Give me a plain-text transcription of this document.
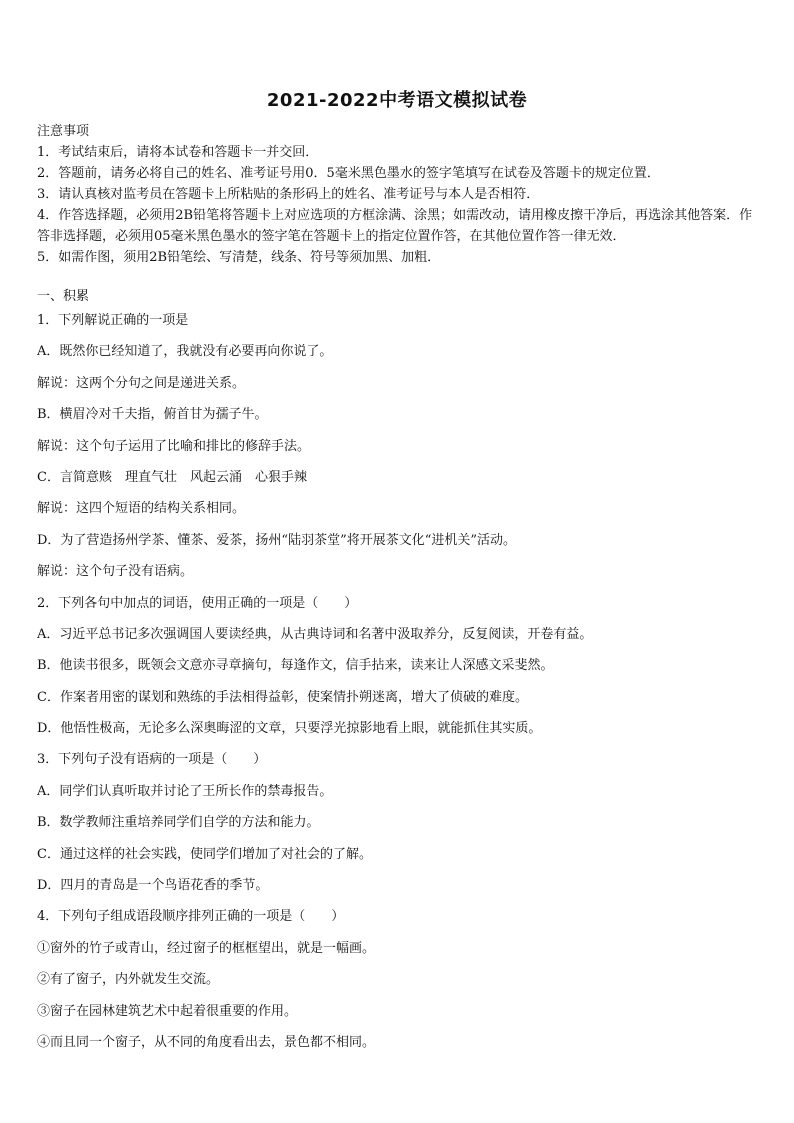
2021-2022中考语文模拟试卷
注意事项
1．考试结束后，请将本试卷和答题卡一并交回．
2．答题前，请务必将自己的姓名、准考证号用0．5毫米黑色墨水的签字笔填写在试卷及答题卡的规定位置．
3．请认真核对监考员在答题卡上所粘贴的条形码上的姓名、准考证号与本人是否相符．
4．作答选择题，必须用2B铅笔将答题卡上对应选项的方框涂满、涂黑；如需改动，请用橡皮擦干净后，再选涂其他答案．作答非选择题，必须用05毫米黑色墨水的签字笔在答题卡上的指定位置作答，在其他位置作答一律无效．
5．如需作图，须用2B铅笔绘、写清楚，线条、符号等须加黑、加粗．
一、积累
1．下列解说正确的一项是
A．既然你已经知道了，我就没有必要再向你说了。
解说：这两个分句之间是递进关系。
B．横眉冷对千夫指，俯首甘为孺子牛。
解说：这个句子运用了比喻和排比的修辞手法。
C．言简意赅　理直气壮　风起云涌　心狠手辣
解说：这四个短语的结构关系相同。
D．为了营造扬州学茶、懂茶、爱茶，扬州“陆羽茶堂”将开展茶文化“进机关”活动。
解说：这个句子没有语病。
2．下列各句中加点的词语，使用正确的一项是（　　）
A．习近平总书记多次强调国人要读经典，从古典诗词和名著中汲取养分，反复阅读，开卷有益。
B．他读书很多，既领会文意亦寻章摘句，每逢作文，信手拈来，读来让人深感文采斐然。
C．作案者用密的谋划和熟练的手法相得益彰，使案情扑朔迷离，增大了侦破的难度。
D．他悟性极高，无论多么深奥晦涩的文章，只要浮光掠影地看上眼，就能抓住其实质。
3．下列句子没有语病的一项是（　　）
A．同学们认真听取并讨论了王所长作的禁毒报告。
B．数学教师注重培养同学们自学的方法和能力。
C．通过这样的社会实践，使同学们增加了对社会的了解。
D．四月的青岛是一个鸟语花香的季节。
4．下列句子组成语段顺序排列正确的一项是（　　）
①窗外的竹子或青山，经过窗子的框框望出，就是一幅画。
②有了窗子，内外就发生交流。
③窗子在园林建筑艺术中起着很重要的作用。
④而且同一个窗子，从不同的角度看出去，景色都不相同。
